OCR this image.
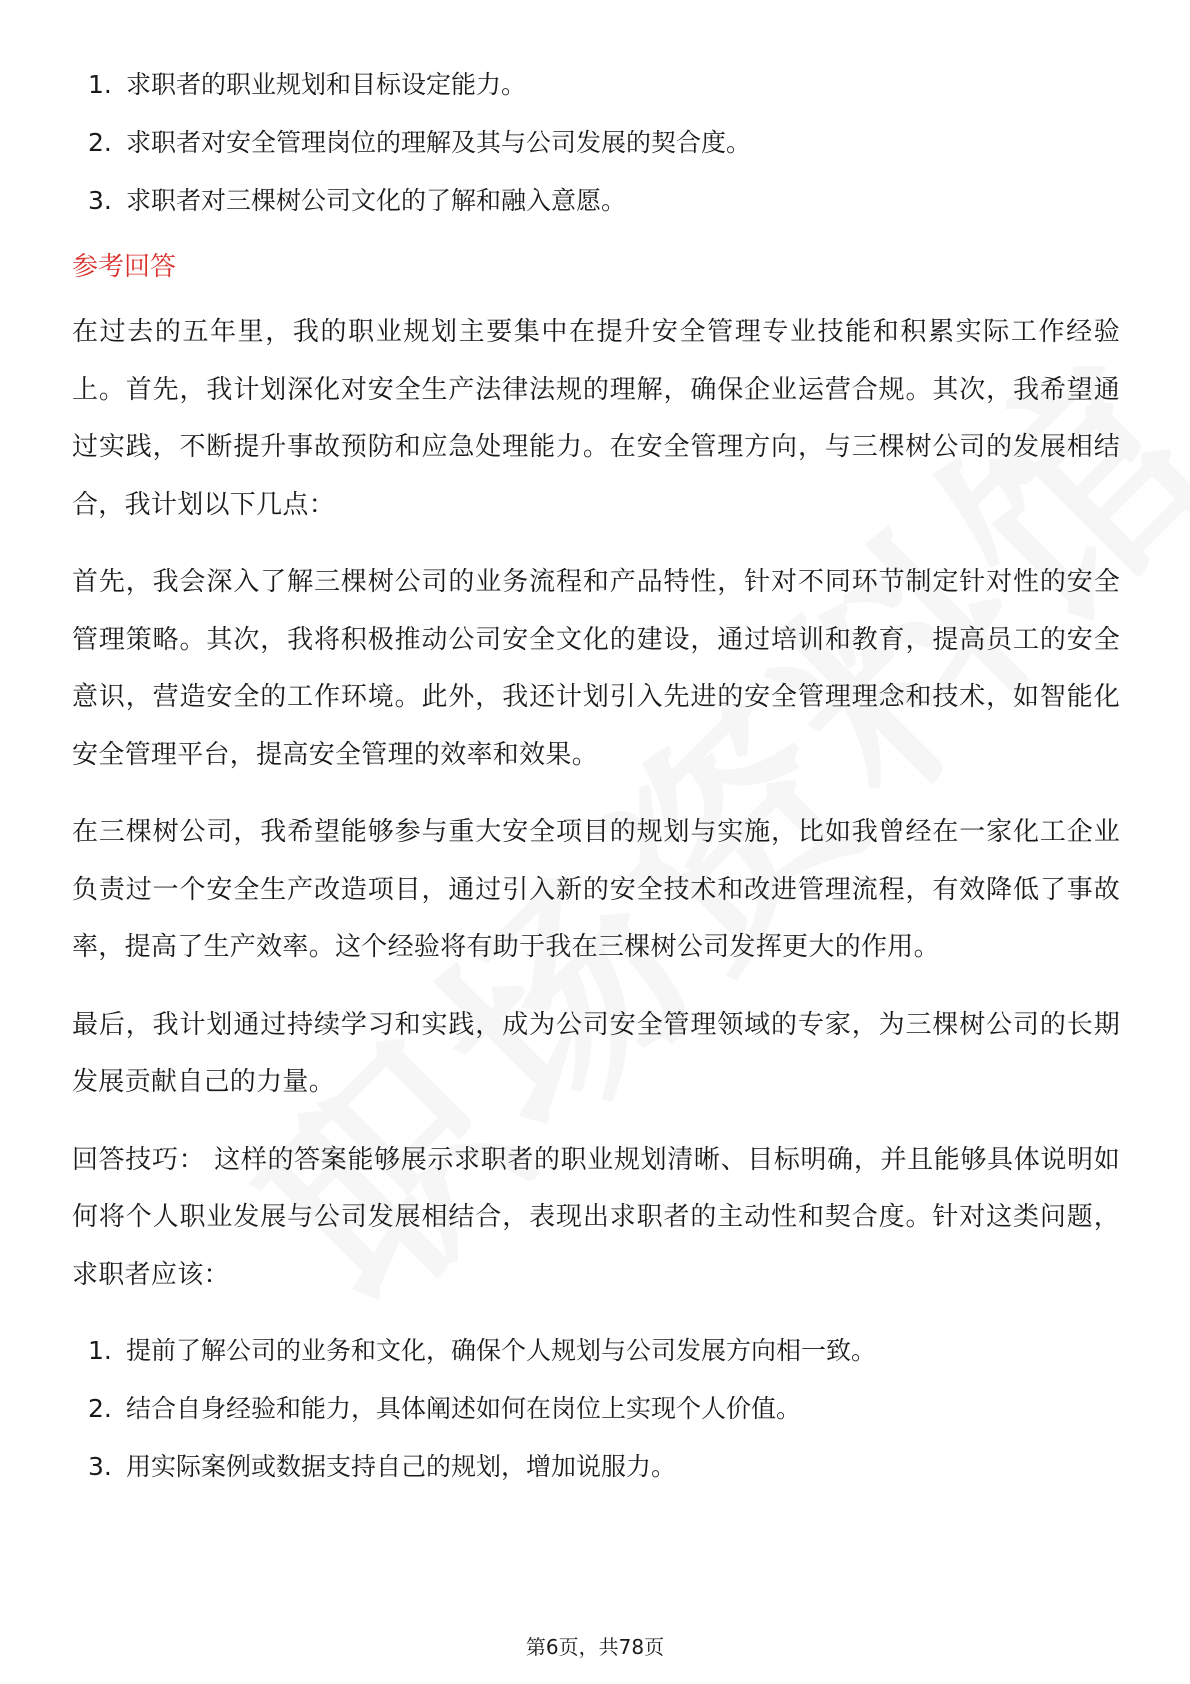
1. 求职者的职业规划和目标设定能力。
2. 求职者对安全管理岗位的理解及其与公司发展的契合度。
3. 求职者对三棵树公司文化的了解和融入意愿。
参考回答

在过去的五年里，我的职业规划主要集中在提升安全管理专业技能和积累实际工作经验上。首先，我计划深化对安全生产法律法规的理解，确保企业运营合规。其次，我希望通过实践，不断提升事故预防和应急处理能力。在安全管理方向，与三棵树公司的发展相结合，我计划以下几点：

首先，我会深入了解三棵树公司的业务流程和产品特性，针对不同环节制定针对性的安全管理策略。其次，我将积极推动公司安全文化的建设，通过培训和教育，提高员工的安全意识，营造安全的工作环境。此外，我还计划引入先进的安全管理理念和技术，如智能化安全管理平台，提高安全管理的效率和效果。

在三棵树公司，我希望能够参与重大安全项目的规划与实施，比如我曾经在一家化工企业负责过一个安全生产改造项目，通过引入新的安全技术和改进管理流程，有效降低了事故率，提高了生产效率。这个经验将有助于我在三棵树公司发挥更大的作用。

最后，我计划通过持续学习和实践，成为公司安全管理领域的专家，为三棵树公司的长期发展贡献自己的力量。

回答技巧： 这样的答案能够展示求职者的职业规划清晰、目标明确，并且能够具体说明如何将个人职业发展与公司发展相结合，表现出求职者的主动性和契合度。针对这类问题，求职者应该：

1. 提前了解公司的业务和文化，确保个人规划与公司发展方向相一致。
2. 结合自身经验和能力，具体阐述如何在岗位上实现个人价值。
3. 用实际案例或数据支持自己的规划，增加说服力。
第6页，共78页
